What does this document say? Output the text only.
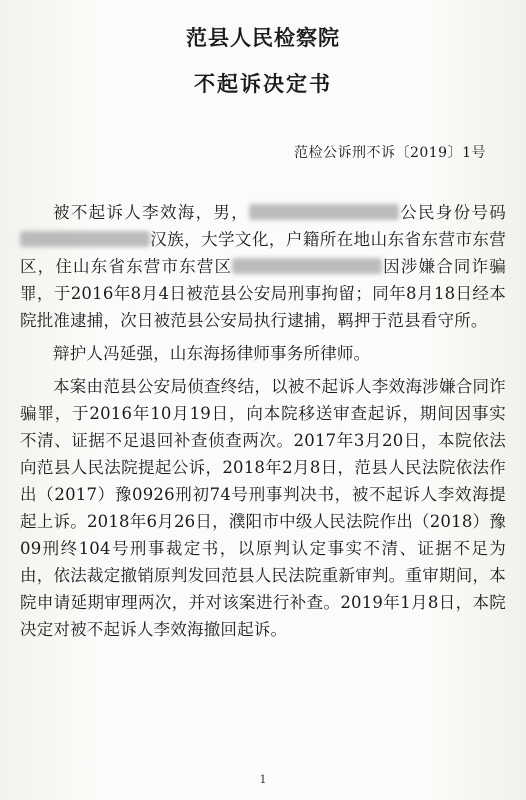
范县人民检察院
不起诉决定书
范检公诉刑不诉〔2019〕1号

被不起诉人李效海，男，	公民身份号码汉族，大学文化，户籍所在地山东省东营市东营区，住山东省东营市东营区	因涉嫌合同诈骗罪，于2016年8月4日被范县公安局刑事拘留；同年8月18日经本院批准逮捕，次日被范县公安局执行逮捕，羁押于范县看守所。

辩护人冯延强，山东海扬律师事务所律师。

本案由范县公安局侦查终结，以被不起诉人李效海涉嫌合同诈骗罪，于2016年10月19日，向本院移送审查起诉，期间因事实不清、证据不足退回补查侦查两次。2017年3月20日，本院依法向范县人民法院提起公诉，2018年2月8日，范县人民法院依法作出（2017）豫0926刑初74号刑事判决书，被不起诉人李效海提起上诉。2018年6月26日，濮阳市中级人民法院作出（2018）豫09刑终104号刑事裁定书，以原判认定事实不清、证据不足为由，依法裁定撤销原判发回范县人民法院重新审判。重审期间，本院申请延期审理两次，并对该案进行补查。2019年1月8日，本院决定对被不起诉人李效海撤回起诉。

1
